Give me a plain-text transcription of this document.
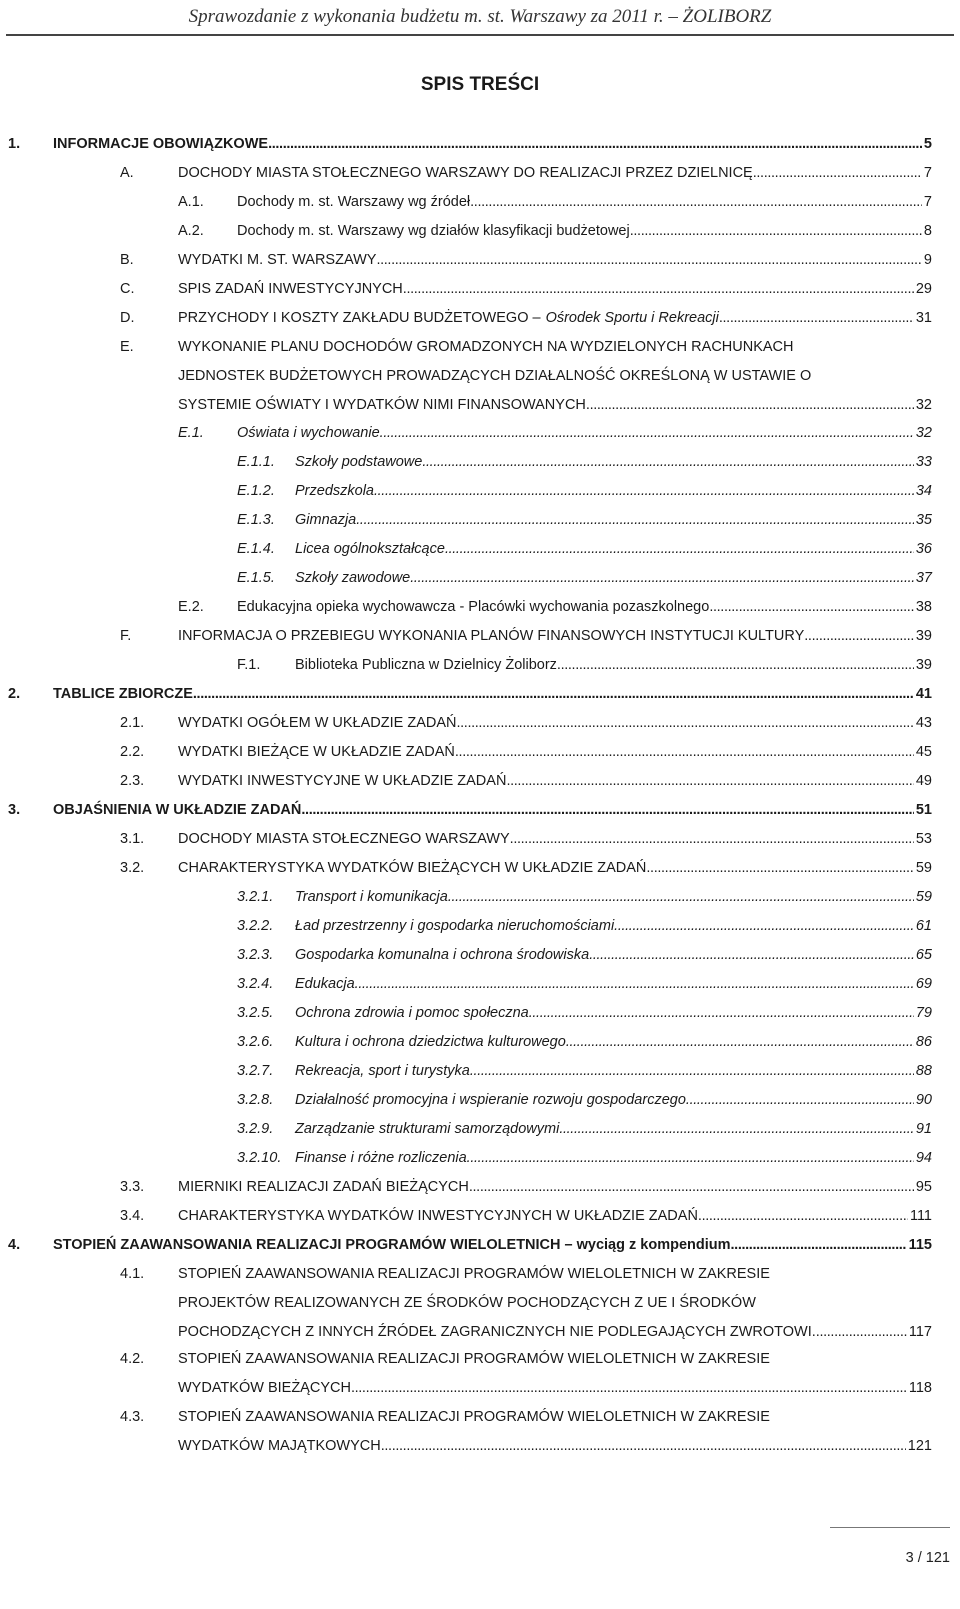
Sprawozdanie z wykonania budżetu m. st. Warszawy za 2011 r. – ŻOLIBORZ
SPIS TREŚCI
1. INFORMACJE OBOWIĄZKOWE . . .	5
A.	DOCHODY MIASTA STOŁECZNEGO WARSZAWY DO REALIZACJI PRZEZ DZIELNICĘ . . .	7
A.1. Dochody m. st. Warszawy wg źródeł . . .	7
A.2. Dochody m. st. Warszawy wg działów klasyfikacji budżetowej . . .	8
B.	WYDATKI M. ST. WARSZAWY . . .	9
C.	SPIS ZADAŃ INWESTYCYJNYCH . . .	29
D.	PRZYCHODY I KOSZTY ZAKŁADU BUDŻETOWEGO – Ośrodek Sportu i Rekreacji . . .	31
E.	WYKONANIE PLANU DOCHODÓW GROMADZONYCH NA WYDZIELONYCH RACHUNKACH
JEDNOSTEK BUDŻETOWYCH PROWADZĄCYCH DZIAŁALNOŚĆ OKREŚLONĄ W USTAWIE O
SYSTEMIE OŚWIATY I WYDATKÓW NIMI FINANSOWANYCH . . .	32
E.1. Oświata i wychowanie . . .	32
E.1.1. Szkoły podstawowe . . .	33
E.1.2. Przedszkola . . .	34
E.1.3. Gimnazja . . .	35
E.1.4. Licea ogólnokształcące . . .	36
E.1.5. Szkoły zawodowe . . .	37
E.2. Edukacyjna opieka wychowawcza - Placówki wychowania pozaszkolnego . . .	38
F.	INFORMACJA O PRZEBIEGU WYKONANIA PLANÓW FINANSOWYCH INSTYTUCJI KULTURY . . .	39
F.1. Biblioteka Publiczna w Dzielnicy Żoliborz . . .	39
2. TABLICE ZBIORCZE . . .	41
2.1. WYDATKI OGÓŁEM W UKŁADZIE ZADAŃ . . .	43
2.2. WYDATKI BIEŻĄCE W UKŁADZIE ZADAŃ . . .	45
2.3. WYDATKI INWESTYCYJNE W UKŁADZIE ZADAŃ . . .	49
3. OBJAŚNIENIA W UKŁADZIE ZADAŃ . . .	51
3.1. DOCHODY MIASTA STOŁECZNEGO WARSZAWY . . .	53
3.2. CHARAKTERYSTYKA WYDATKÓW BIEŻĄCYCH W UKŁADZIE ZADAŃ . . .	59
3.2.1. Transport i komunikacja . . .	59
3.2.2. Ład przestrzenny i gospodarka nieruchomościami . . .	61
3.2.3. Gospodarka komunalna i ochrona środowiska . . .	65
3.2.4. Edukacja . . .	69
3.2.5. Ochrona zdrowia i pomoc społeczna . . .	79
3.2.6. Kultura i ochrona dziedzictwa kulturowego . . .	86
3.2.7. Rekreacja, sport i turystyka . . .	88
3.2.8. Działalność promocyjna i wspieranie rozwoju gospodarczego . . .	90
3.2.9. Zarządzanie strukturami samorządowymi . . .	91
3.2.10. Finanse i różne rozliczenia . . .	94
3.3. MIERNIKI REALIZACJI ZADAŃ BIEŻĄCYCH . . .	95
3.4. CHARAKTERYSTYKA WYDATKÓW INWESTYCYJNYCH W UKŁADZIE ZADAŃ . . .	111
4. STOPIEŃ ZAAWANSOWANIA REALIZACJI PROGRAMÓW WIELOLETNICH – wyciąg z kompendium . . .	115
4.1. STOPIEŃ ZAAWANSOWANIA REALIZACJI PROGRAMÓW WIELOLETNICH W ZAKRESIE
PROJEKTÓW REALIZOWANYCH ZE ŚRODKÓW POCHODZĄCYCH Z UE I ŚRODKÓW
POCHODZĄCYCH Z INNYCH ŹRÓDEŁ ZAGRANICZNYCH NIE PODLEGAJĄCYCH ZWROTOWI. . . .	117
4.2. STOPIEŃ ZAAWANSOWANIA REALIZACJI PROGRAMÓW WIELOLETNICH W ZAKRESIE
WYDATKÓW BIEŻĄCYCH . . .	118
4.3. STOPIEŃ ZAAWANSOWANIA REALIZACJI PROGRAMÓW WIELOLETNICH W ZAKRESIE
WYDATKÓW MAJĄTKOWYCH . . .	121
3 / 121
